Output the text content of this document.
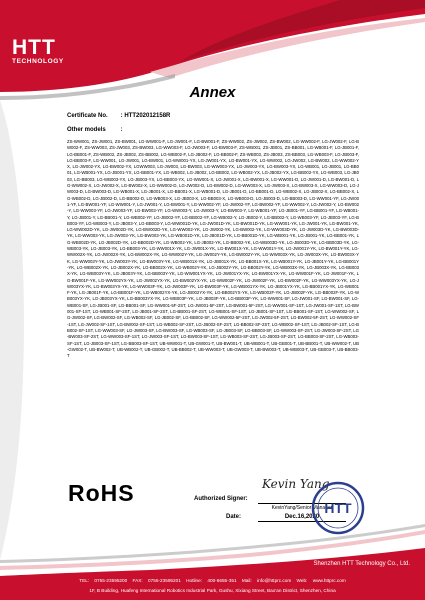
HTT
TECHNOLOGY
Annex
Certificate No. : HTT202012158R
Other models :
ZS-WW001, ZS-JW001, ZS-BW001, LG-WW001-F, LG-JW001-F, LG-BW001-F, ZS-WW002, ZS-JW002, ZS-BW002, LG-WW002-F, LG-JW002-F, LG-BW002-F, ZS-WW003, ZS-JW003, ZS-BW003, LG-WW003-F, LG-JW003-F, LG-BW003-F, ZS-WB001, ZS-JB001, ZS-BB001, LG-WB001-F, LG-JB001-F, LG-BB001-F, ZS-WB002, ZS-JB002, ZS-BB002, LG-WB002-F, LG-JB002-F, LG-BB002-F, ZS-WB003, ZS-JB003, ZS-BB003, LG-WB003-F, LG-JB003-F, LG-BB003-F, LG-WW001, LG-JW001, LG-BW001, LG-WW001-YX, LG-JW001-YX, LG-BW001-YX, LG-WW002, LG-JW002, LG-BW002, LG-WW002-YX, LG-JW002-YX, LG-BW002-YX, LGWW003, LG-JW003, LG-BW003, LG-WW003-YX, LG-JW003-YX, LG-BW003-YX, LG-WB001, LG-JB001, LG-BB001, LG-WB001-YX, LG-JB001-YX, LG-BB001-YX, LG-WB002, LG-JB002, LG-BB002, LG-WB002-YX, LG-JB002-YX, LG-BB002-YX, LG-WB003, LG-JB003, LG-BB003, LG-WB003-YX, LG-JB003-YX, LG-BB003-YX, LG-WW001-X, LG-JW001-X, LG-BW001-X, LG-WW001-D, LG-JW001-D, LG-BW001-D, LG-WW002-X, LG-JW002-X, LG-BW002-X, LG-WW002-D, LG-JW002-D, LG-BW002-D, LG-WW003-X, LG-JW003-X, LG-BW003-X, LG-WW003-D, LG-JW003-D, LG-BW003-D, LG-WB001-X, LG-JB001-X, LG-BB001-X, LG-WB001-D, LG-JB001-D, LG-BB001-D, LG-WB002-X, LG-JB002-X, LG-BB002-X, LG-WB002-D, LG-JB002-D, LG-BB002-D, LG-WB003-X, LG-JB003-X, LG-BB003-X, LG-WB003-D, LG-JB003-D, LG-BB003-D, LG-WW001-YF, LG-JW001-YF, LG-BW001-YF, LG-WW001-Y, LG-JW001-Y, LG-BW001-Y, LG-WW002-YF, LG-JW002-YF, LG-BW002-YF, LG-WW002-Y, LG-JW002-Y, LG-BW002-Y, LG-WW003-YF, LG-JW003-YF, LG-BW003-YF, LG-WW003-Y, LG-JW003-Y, LG-BW003-Y, LG-WB001-YF, LG-JB001-YF, LG-BB001-YF, LG-WB001-Y, LG-JB001-Y, LG-BB001-Y, LG-WB002-YF, LG-JB002-YF, LG-BB002-YF, LG-WB002-Y, LG-JB002-Y, LG-BB002-Y, LG-WB003-YF, LG-JB003-YF, LG-BB003-YF, LG-WB003-Y, LG-JB003-Y, LG-BB003-Y, LG-WW001D-YK, LG-JW001D-YK, LG-BW001D-YK, LG-WW001-YK, LG-JW001-YK, LG-BW001-YK, LG-WW002D-YK, LG-JW002D-YK, LG-BW002D-YK, LG-WW002-YK, LG-JW002-YK, LG-BW002-YK, LG-WW003D-YK, LG-JW003D-YK, LG-BW003D-YK, LG-WW003-YK, LG-JW003-YK, LG-BW003-YK, LG-WB001D-YK, LG-JB001D-YK, LG-BB001D-YK, LG-WB001-YK, LG-JB001-YK, LG-BB001-YK, LG-WB002D-YK, LG-JB002D-YK, LG-BB002D-YK, LG-WB002-YK, LG-JB002-YK, LG-BB002-YK, LG-WB003D-YK, LG-JB003D-YK, LG-BB003D-YK, LG-WB003-YK, LG-JB003-YK, LG-BB003-YK, LG-WW001X-YK, LG-JW001X-YK, LG-BW001X-YK, LG-WW001Y-YK, LG-JW001Y-YK, LG-BW001Y-YK, LG-WW002X-YK, LG-JW002X-YK, LG-BW002X-YK, LG-WW002Y-YK, LG-JW002Y-YK, LG-BW002Y-YK, LG-WW003X-YK, LG-JW003X-YK, LG-BW003X-YK, LG-WW003Y-YK, LG-JW003Y-YK, LG-BW003Y-YK, LG-WB001X-YK, LG-JB001X-YK, LG-BB001X-YK, LG-WB001Y-YK, LG-JB001Y-YK, LG-BB001Y-YK, LG-WB002X-YK, LG-JB002X-YK, LG-BB002X-YK, LG-WB002Y-YK, LG-JB002Y-YK, LG-BB002Y-YK, LG-WB003X-YK, LG-JB003X-YK, LG-BB003X-YK, LG-WB003Y-YK, LG-JB003Y-YK, LG-BB003Y-YK, LG-WW001YX-YK, LG-JW001YX-YK, LG-BW001YX-YK, LG-WW001F-YK, LG-JW001F-YK, LG-BW001F-YK, LG-WW002YX-YK, LG-JW002YX-YK, LG-BW002YX-YK, LG-WW002F-YK, LG-JW002F-YK, LG-BW002F-YK, LG-WW003YX-YK, LG-JW003YX-YK, LG-BW003YX-YK, LG-WW003F-YK, LG-JW003F-YK, LG-BW003F-YK, LG-WB001YX-YK, LG-JB001YX-YK, LG-BB001YX-YK, LG-WB001F-YK, LG-JB001F-YK, LG-BB001F-YK, LG-WB002YX-YK, LG-JB002YX-YK, LG-BB002YX-YK, LG-WB002F-YK, LG-JB002F-YK, LG-BB002F-YK, LG-WB003YX-YK, LG-JB003YX-YK, LG-BB003YX-YK, LG-WB003F-YK, LG-JB003F-YK, LG-BB003F-YK, LG-WW001-SF, LG-JW001-SF, LG-BW001-SF, LG-WB001-SF, LG-JB001-SF, LG-BB001-SF, LG-WW001-5F-2ST, LG-JW001-5F-2ST, LG-BW001-5F-2ST, LG-WW001-SF-1ST, LG-JW001-SF-1ST, LG-BW001-SF-1ST, LG-WB001-SF-2ST, LG-JB001-SF-2ST, LG-BB001-SF-2ST, LG-WB001-SF-1ST, LG-JB001-SF-1ST, LG-BB001-SF-1ST, LG-WW002-SF, LG-JW002-SF, LG-BW002-SF, LG-WB002-SF, LG-JB002-SF, LG-BB002-SF, LG-WW002-5F-2ST, LG-JW002-5F-2ST, LG-BW002-5F-2ST, LG-WW002-SF-1ST, LG-JW002-SF-1ST, LG-BW002-SF-1ST, LG-WB002-SF-2ST, LG-JB002-SF-2ST, LG-BB002-SF-2ST, LG-WB002-SF-1ST, LG-JB002-SF-1ST, LG-BB002-SF-1ST, LG-WW003-SF, LG-JW003-SF, LG-BW003-SF, LG-WB003-SF, LG-JB003-SF, LG-BB003-SF, LG-WW003-SF-2ST, LG-JW003-SF-2ST, LG-BW003-SF-2ST, LG-WW003-SF-1ST, LG-JW003-SF-1ST, LG-BW003-SF-1ST, LG-WB003-SF-2ST, LG-JB003-SF-2ST, LG-BB003-SF-2ST, LG-WB003-SF-1ST, LG-JB003-SF-1ST, LG-BB003-SF-1ST, UB-WW001-T, UB-GW001-T, UB-BW001-T, UB-WB001-T, UB-GB001-T, UB-BB001-T, UB-WW002-T, UB-GW002-T, UB-BW002-T, UB-WB002-T, UB-GB002-T, UB-BB002-T, UB-WW003-T, UB-GW003-T, UB-BW003-T, UB-WB003-T, UB-GB003-T, UB-BB003-T
RoHS	Authorized Signer:
Kevin Yang
KevinYang/Senior Manager
Date:	Dec.16,2020
HTT
Shenzhen HTT Technology Co., Ltd.
TEL: 0755-23595200 FAX: 0755-23595201 Hotline: 400-6655-351 Mail: info@httprc.com Web: www.httprc.com
1F, B Building, Huafeng International Robotics Industrial Park, Gushu, Xixiang Street, Bao'an District, Shenzhen, China
